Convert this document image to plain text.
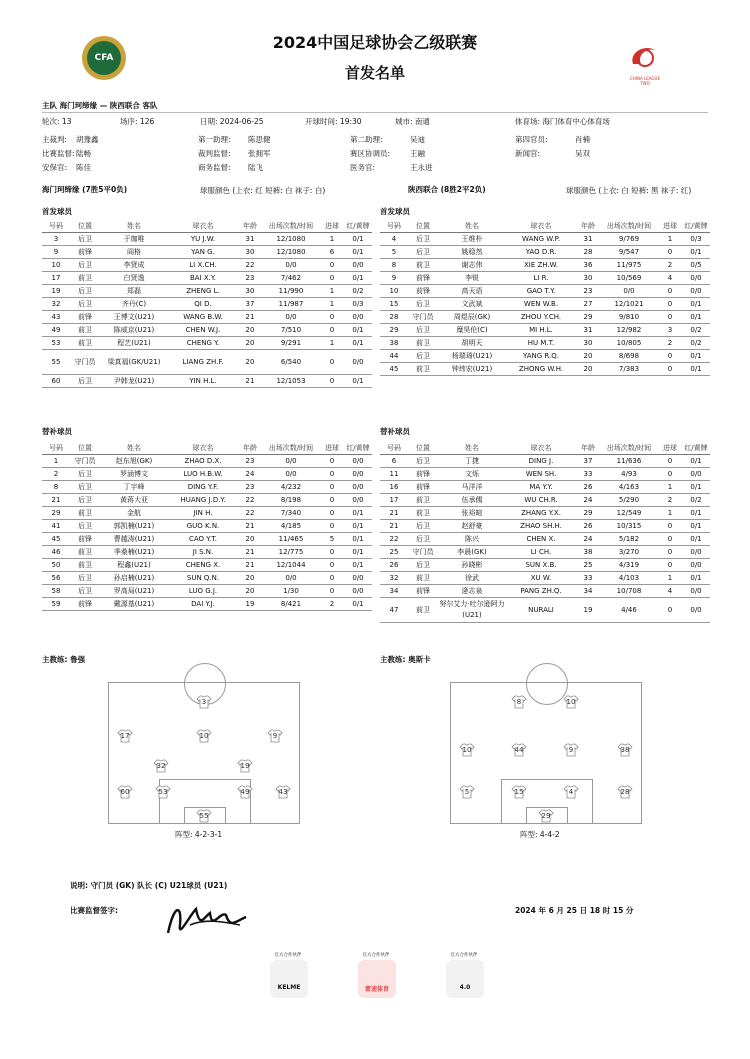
CFA
2024中国足球协会乙级联赛
首发名单	CHINA LEAGUE TWO
主队 海门珂缔缘 — 陕西联合 客队
轮次: 13	场序: 126	日期: 2024-06-25	开球时间: 19:30	城市: 南通	体育场: 海门体育中心体育场
主裁判: 胡豫鑫	第一助理: 陈思健	第二助理:	吴迪	第四官员:	肖楠
比赛监督: 陆畅	裁判监督: 张拥军	赛区协调员:	王融	新闻官:	吴双
安保官: 陈佳	商务监督: 陆飞	医务官:	王永进
海门珂缔缘 (7胜5平0负)	球服颜色 (上衣: 红 短裤: 白 袜子: 白)	陕西联合 (8胜2平2负)	球服颜色 (上衣: 白 短裤: 黑 袜子: 红)
首发球员	首发球员
号码	位置	姓名	球衣名	年龄	出场次数/时间	进球	红/黄牌
3	后卫	于珈唯	YU J.W.	31	12/1080	1	0/1
9	前锋	阎格	YAN G.	30	12/1080	6	0/1
10	后卫	李贤成	LI X.CH.	22	0/0	0	0/0
17	前卫	白贤逸	BAI X.Y.	23	7/462	0	0/1
19	后卫	郑磊	ZHENG L.	30	11/990	1	0/2
32	后卫	齐丹(C)	QI D.	37	11/987	1	0/3
43	前锋	王博文(U21)	WANG B.W.	21	0/0	0	0/0
49	前卫	陈威京(U21)	CHEN W.J.	20	7/510	0	0/1
53	前卫	程艺(U21)	CHENG Y.	20	9/291	1	0/1
55	守门员	梁真福(GK/U21)	LIANG ZH.F.	20	6/540	0	0/0
60	后卫	尹韩龙(U21)	YIN H.L.	21	12/1053	0	0/1
号码	位置	姓名	球衣名	年龄	出场次数/时间	进球	红/黄牌
4	后卫	王维朴	WANG W.P.	31	9/769	1	0/3
5	后卫	姚稳然	YAO D.R.	28	9/547	0	0/1
8	前卫	谢志伟	XIE ZH.W.	36	11/975	2	0/5
9	前锋	李锐	LI R.	30	10/569	4	0/0
10	前锋	高天语	GAO T.Y.	23	0/0	0	0/0
15	后卫	文武斌	WEN W.B.	27	12/1021	0	0/1
28	守门员	周煜辰(GK)	ZHOU Y.CH.	29	9/810	0	0/1
29	后卫	糜昊伦(C)	MI H.L.	31	12/982	3	0/2
38	前卫	胡明天	HU M.T.	30	10/805	2	0/2
44	后卫	杨瑞琦(U21)	YANG R.Q.	20	8/698	0	0/1
45	前卫	钟炜宏(U21)	ZHONG W.H.	20	7/383	0	0/1
替补球员	替补球员
号码	位置	姓名	球衣名	年龄	出场次数/时间	进球	红/黄牌
1	守门员	赵东旭(GK)	ZHAO D.X.	23	0/0	0	0/0
2	后卫	罗涵博文	LUO H.B.W.	24	0/0	0	0/0
8	后卫	丁宇峰	DING Y.F.	23	4/232	0	0/0
21	后卫	黄蒋大亚	HUANG J.D.Y.	22	8/198	0	0/0
29	前卫	金航	JIN H.	22	7/340	0	0/1
41	后卫	郭凯楠(U21)	GUO K.N.	21	4/185	0	0/1
45	前锋	曹越涛(U21)	CAO Y.T.	20	11/465	5	0/1
46	前卫	季桑楠(U21)	JI S.N.	21	12/775	0	0/1
50	前卫	程鑫(U21)	CHENG X.	21	12/1044	0	0/1
56	后卫	孙启楠(U21)	SUN Q.N.	20	0/0	0	0/0
58	后卫	罗高局(U21)	LUO G.J.	20	1/30	0	0/0
59	前锋	戴源基(U21)	DAI Y.J.	19	8/421	2	0/1
号码	位置	姓名	球衣名	年龄	出场次数/时间	进球	红/黄牌
6	后卫	丁捷	DING J.	37	11/636	0	0/1
11	前锋	文烁	WEN SH.	33	4/93	0	0/0
16	前锋	马洋洋	MA Y.Y.	26	4/163	1	0/1
17	前卫	伍承儒	WU CH.R.	24	5/290	2	0/2
21	前卫	张裕暄	ZHANG Y.X.	29	12/549	1	0/1
21	后卫	赵舒豪	ZHAO SH.H.	26	10/315	0	0/1
22	后卫	陈兴	CHEN X.	24	5/182	0	0/1
25	守门员	李晨(GK)	LI CH.	38	3/270	0	0/0
26	后卫	孙晓彬	SUN X.B.	25	4/319	0	0/0
32	前卫	徐武	XU W.	33	4/103	1	0/1
34	前锋	逄志泉	PANG ZH.Q.	34	10/708	4	0/0
47	前卫	努尔艾力·吐尔逊阿力(U21)	NURALI	19	4/46	0	0/0
主教练: 鲁强	主教练: 奥斯卡
3
17	10	9
32	19
60	53	49	43
55
阵型: 4-2-3-1
8	10
10	44	9	38
5	15	4	28
29
阵型: 4-4-2
说明: 守门员 (GK) 队长 (C) U21球员 (U21)
比赛监督签字:	2024 年 6 月 25 日 18 时 15 分
官方合作伙伴	官方合作伙伴	官方合作伙伴
KELME	雷速体育	4.0
